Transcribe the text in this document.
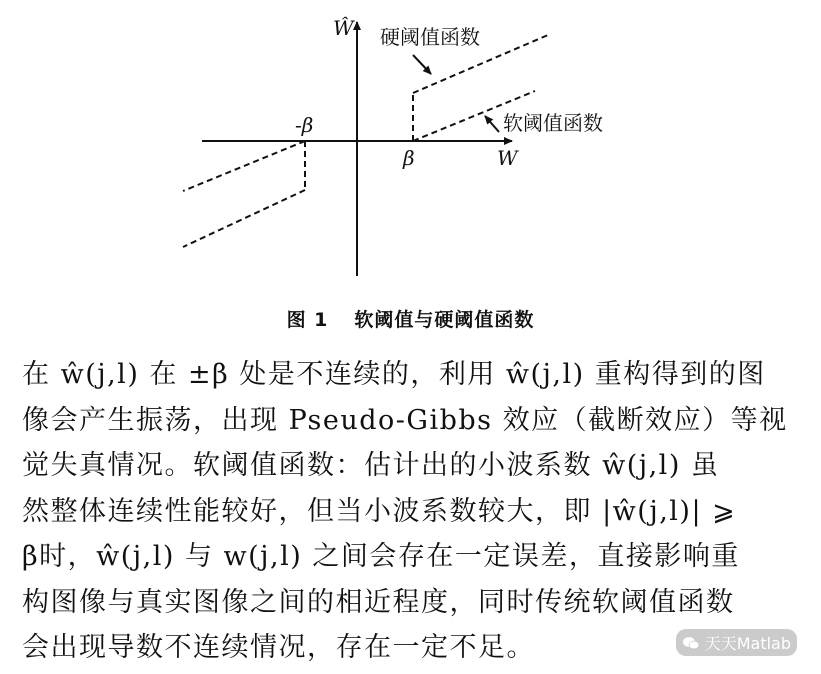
Ŵ
W
-β
β
硬阈值函数
软阈值函数
图 1 软阈值与硬阈值函数
在 ŵ(j,l) 在 ±β 处是不连续的，利用 ŵ(j,l) 重构得到的图
像会产生振荡，出现 Pseudo-Gibbs 效应（截断效应）等视
觉失真情况。软阈值函数：估计出的小波系数 ŵ(j,l) 虽
然整体连续性能较好，但当小波系数较大，即 |ŵ(j,l)| ⩾
β时，ŵ(j,l) 与 w(j,l) 之间会存在一定误差，直接影响重
构图像与真实图像之间的相近程度，同时传统软阈值函数
会出现导数不连续情况，存在一定不足。	天天Matlab
